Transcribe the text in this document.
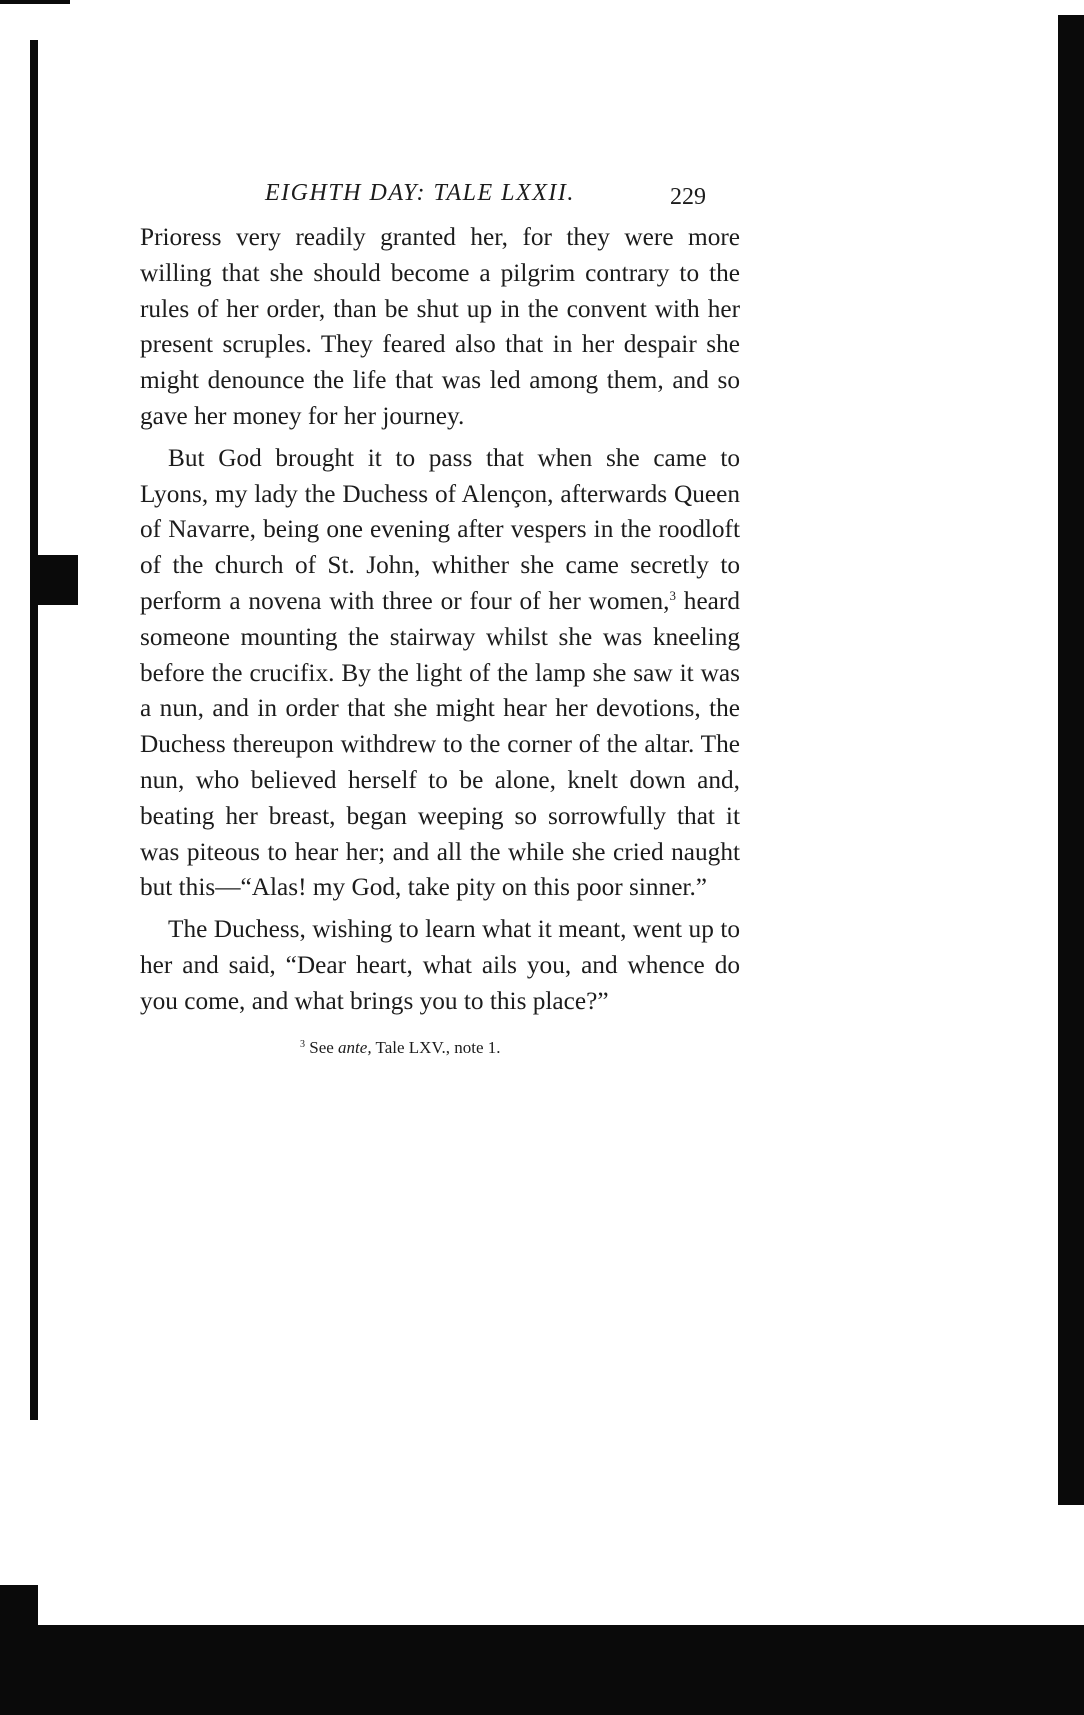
EIGHTH DAY: TALE LXXII.	229

Prioress very readily granted her, for they were more willing that she should become a pilgrim contrary to the rules of her order, than be shut up in the convent with her present scruples. They feared also that in her despair she might denounce the life that was led among them, and so gave her money for her journey.

But God brought it to pass that when she came to Lyons, my lady the Duchess of Alençon, afterwards Queen of Navarre, being one evening after vespers in the roodloft of the church of St. John, whither she came secretly to perform a novena with three or four of her women,$^3$ heard someone mounting the stairway whilst she was kneeling before the crucifix. By the light of the lamp she saw it was a nun, and in order that she might hear her devotions, the Duchess thereupon withdrew to the corner of the altar. The nun, who believed herself to be alone, knelt down and, beating her breast, began weeping so sorrowfully that it was piteous to hear her; and all the while she cried naught but this—“Alas! my God, take pity on this poor sinner.”

The Duchess, wishing to learn what it meant, went up to her and said, “Dear heart, what ails you, and whence do you come, and what brings you to this place?”

$^3$ See ante, Tale LXV., note 1.
